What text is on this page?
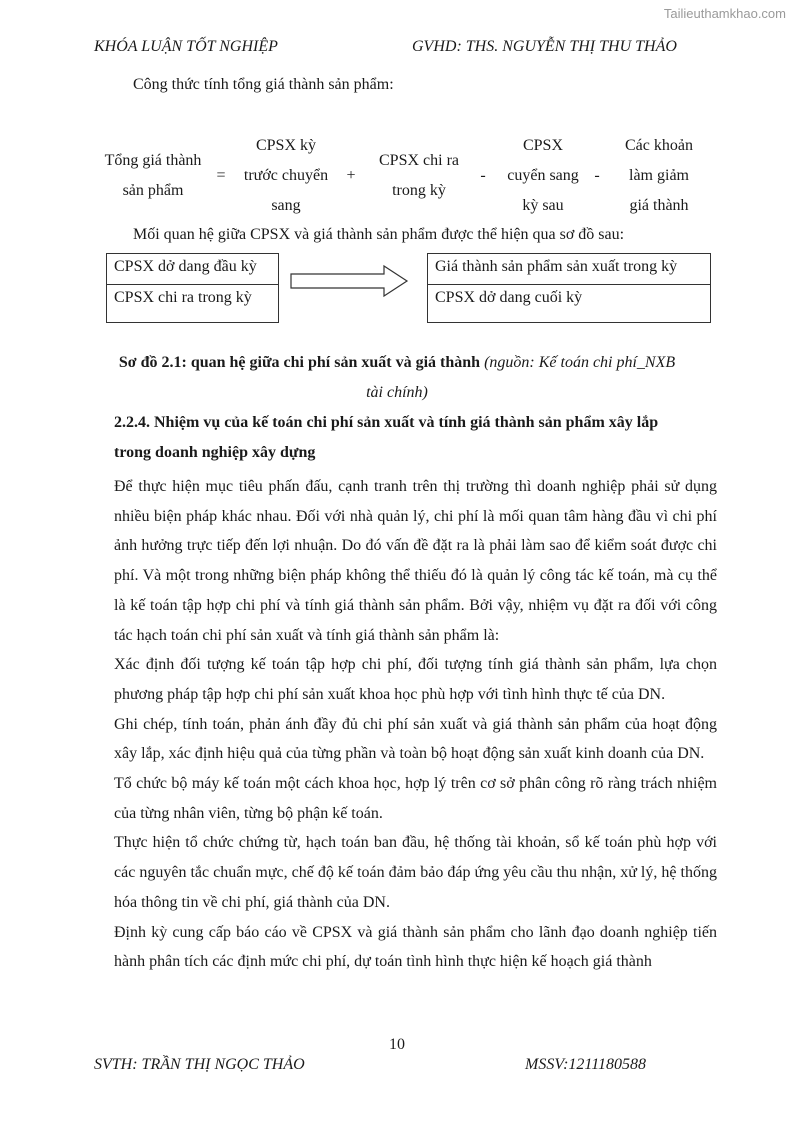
Tailieuthamkhao.com
KHÓA LUẬN TỐT NGHIỆP	GVHD: THS. NGUYỄN THỊ THU THẢO
Công thức tính tổng giá thành sản phẩm:
Tổng giá thành
sản phẩm
=
CPSX kỳ
trước chuyển
sang
+
CPSX chi ra
trong kỳ
-
CPSX
cuyển sang
kỳ sau
-
Các khoản
làm giảm
giá thành
Mối quan hệ giữa CPSX và giá thành sản phẩm được thể hiện qua sơ đồ sau:
CPSX dở dang đầu kỳ
CPSX chi ra trong kỳ
Giá thành sản phẩm sản xuất trong kỳ
CPSX dở dang cuối kỳ
Sơ đồ 2.1: quan hệ giữa chi phí sản xuất và giá thành (nguồn: Kế toán chi phí_NXB
tài chính)
2.2.4. Nhiệm vụ của kế toán chi phí sản xuất và tính giá thành sản phẩm xây lắp
trong doanh nghiệp xây dựng

Để thực hiện mục tiêu phấn đấu, cạnh tranh trên thị trường thì doanh nghiệp phải sử dụng nhiều biện pháp khác nhau. Đối với nhà quản lý, chi phí là mối quan tâm hàng đầu vì chi phí ảnh hưởng trực tiếp đến lợi nhuận. Do đó vấn đề đặt ra là phải làm sao để kiểm soát được chi phí. Và một trong những biện pháp không thể thiếu đó là quản lý công tác kế toán, mà cụ thể là kế toán tập hợp chi phí và tính giá thành sản phẩm. Bởi vậy, nhiệm vụ đặt ra đối với công tác hạch toán chi phí sản xuất và tính giá thành sản phẩm là:

Xác định đối tượng kế toán tập hợp chi phí, đối tượng tính giá thành sản phẩm, lựa chọn phương pháp tập hợp chi phí sản xuất khoa học phù hợp với tình hình thực tế của DN.

Ghi chép, tính toán, phản ánh đầy đủ chi phí sản xuất và giá thành sản phẩm của hoạt động xây lắp, xác định hiệu quả của từng phần và toàn bộ hoạt động sản xuất kinh doanh của DN.

Tổ chức bộ máy kế toán một cách khoa học, hợp lý trên cơ sở phân công rõ ràng trách nhiệm của từng nhân viên, từng bộ phận kế toán.

Thực hiện tổ chức chứng từ, hạch toán ban đầu, hệ thống tài khoản, sổ kế toán phù hợp với các nguyên tắc chuẩn mực, chế độ kế toán đảm bảo đáp ứng yêu cầu thu nhận, xử lý, hệ thống hóa thông tin về chi phí, giá thành của DN.

Định kỳ cung cấp báo cáo về CPSX và giá thành sản phẩm cho lãnh đạo doanh nghiệp tiến hành phân tích các định mức chi phí, dự toán tình hình thực hiện kế hoạch giá thành

10
SVTH: TRẦN THỊ NGỌC THẢO	MSSV:1211180588
